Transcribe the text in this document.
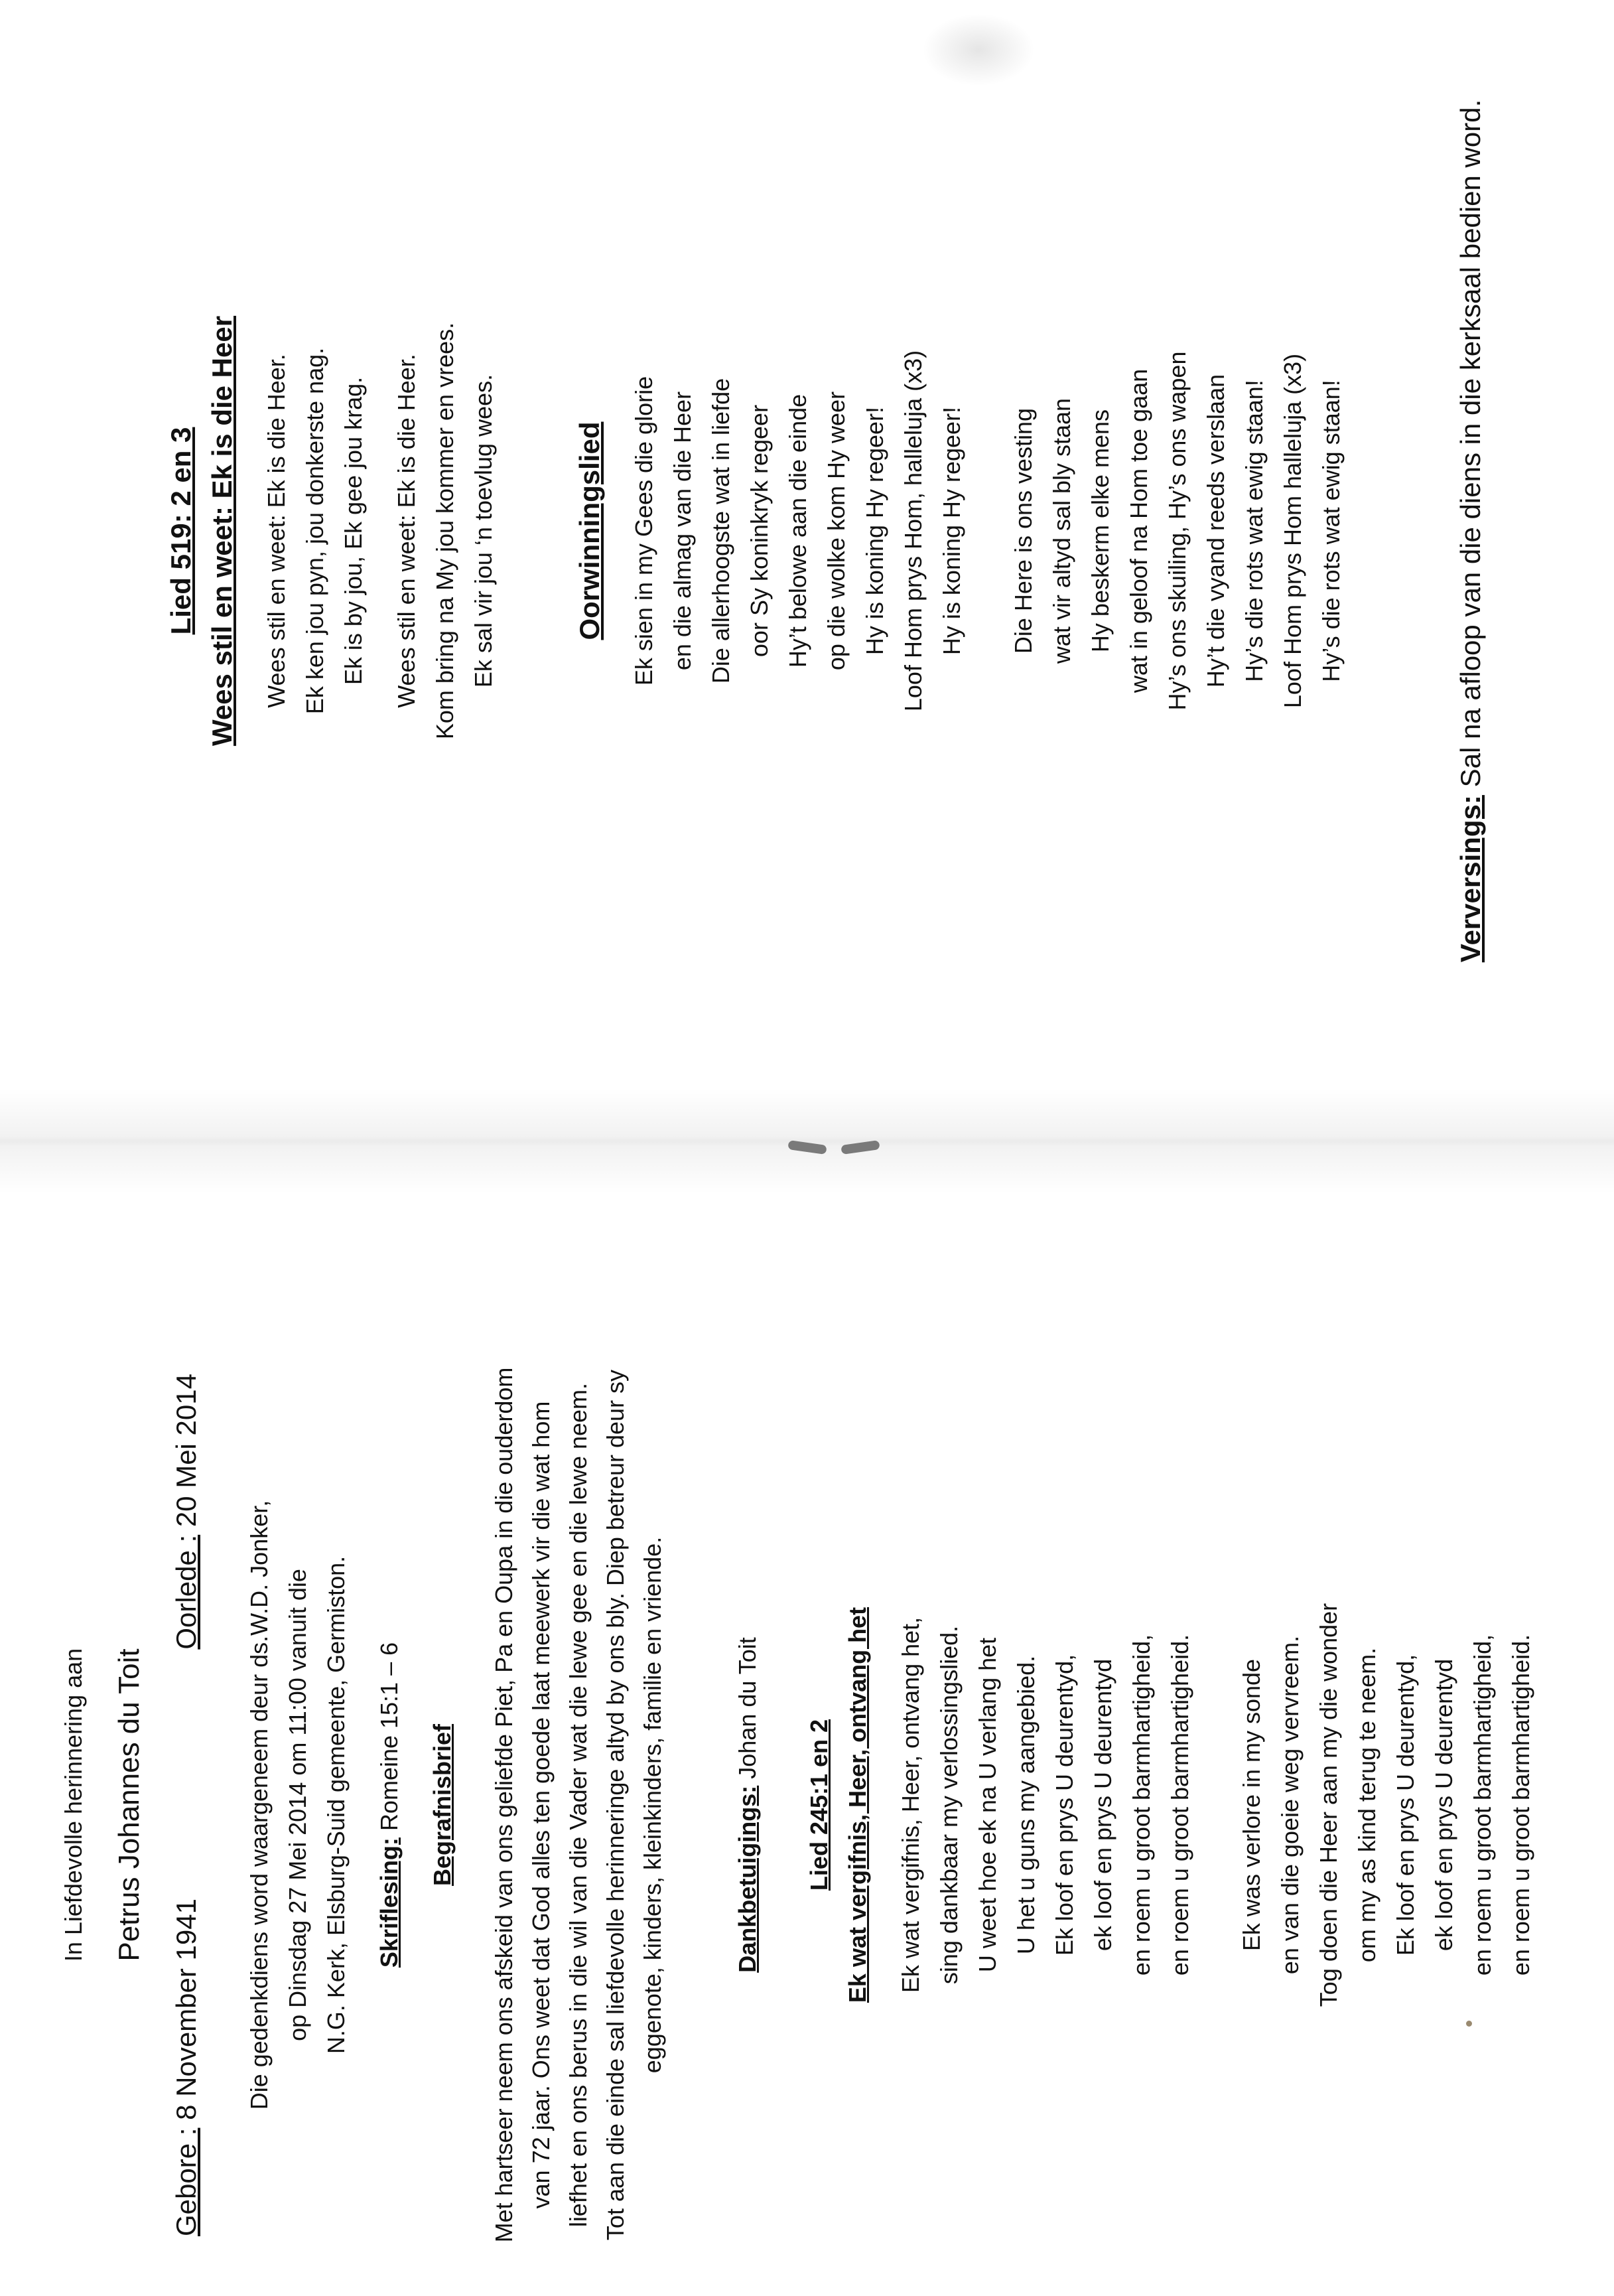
In Liefdevolle herinnering aan Petrus Johannes du Toit

Gebore : 8 November 1941
Oorlede : 20 Mei 2014

Die gedenkdiens word waargeneem deur ds.W.D. Jonker, op Dinsdag 27 Mei 2014 om 11:00 vanuit die N.G. Kerk, Elsburg-Suid gemeente, Germiston. Skriflesing: Romeine 15:1 – 6 Begrafnisbrief Met hartseer neem ons afskeid van ons geliefde Piet, Pa en Oupa in die ouderdom van 72 jaar. Ons weet dat God alles ten goede laat meewerk vir die wat hom liefhet en ons berus in die wil van die Vader wat die lewe gee en die lewe neem. Tot aan die einde sal liefdevolle herinneringe altyd by ons bly. Diep betreur deur sy eggenote, kinders, kleinkinders, familie en vriende.	Dankbetuigings: Johan du Toit

Lied 245:1 en 2 Ek wat vergifnis, Heer, ontvang het Ek wat vergifnis, Heer, ontvang het, sing dankbaar my verlossingslied. U weet hoe ek na U verlang het U het u guns my aangebied. Ek loof en prys U deurentyd, ek loof en prys U deurentyd en roem u groot barmhartigheid, en roem u groot barmhartigheid. Ek was verlore in my sonde en van die goeie weg vervreem. Tog doen die Heer aan my die wonder om my as kind terug te neem. Ek loof en prys U deurentyd, ek loof en prys U deurentyd en roem u groot barmhartigheid, en roem u groot barmhartigheid.

Lied 519: 2 en 3 Wees stil en weet: Ek is die Heer Wees stil en weet: Ek is die Heer. Ek ken jou pyn, jou donkerste nag. Ek is by jou, Ek gee jou krag. Wees stil en weet: Ek is die Heer. Kom bring na My jou kommer en vrees. Ek sal vir jou ‘n toevlug wees.	Oorwinningslied Ek sien in my Gees die glorie en die almag van die Heer Die allerhoogste wat in liefde oor Sy koninkryk regeer Hy’t belowe aan die einde op die wolke kom Hy weer Hy is koning Hy regeer! Loof Hom prys Hom, halleluja (x3) Hy is koning Hy regeer! Die Here is ons vesting wat vir altyd sal bly staan Hy beskerm elke mens wat in geloof na Hom toe gaan Hy’s ons skuiling, Hy’s ons wapen Hy’t die vyand reeds verslaan Hy’s die rots wat ewig staan! Loof Hom prys Hom halleluja (x3) Hy’s die rots wat ewig staan!

Verversings: Sal na afloop van die diens in die kerksaal bedien word.
